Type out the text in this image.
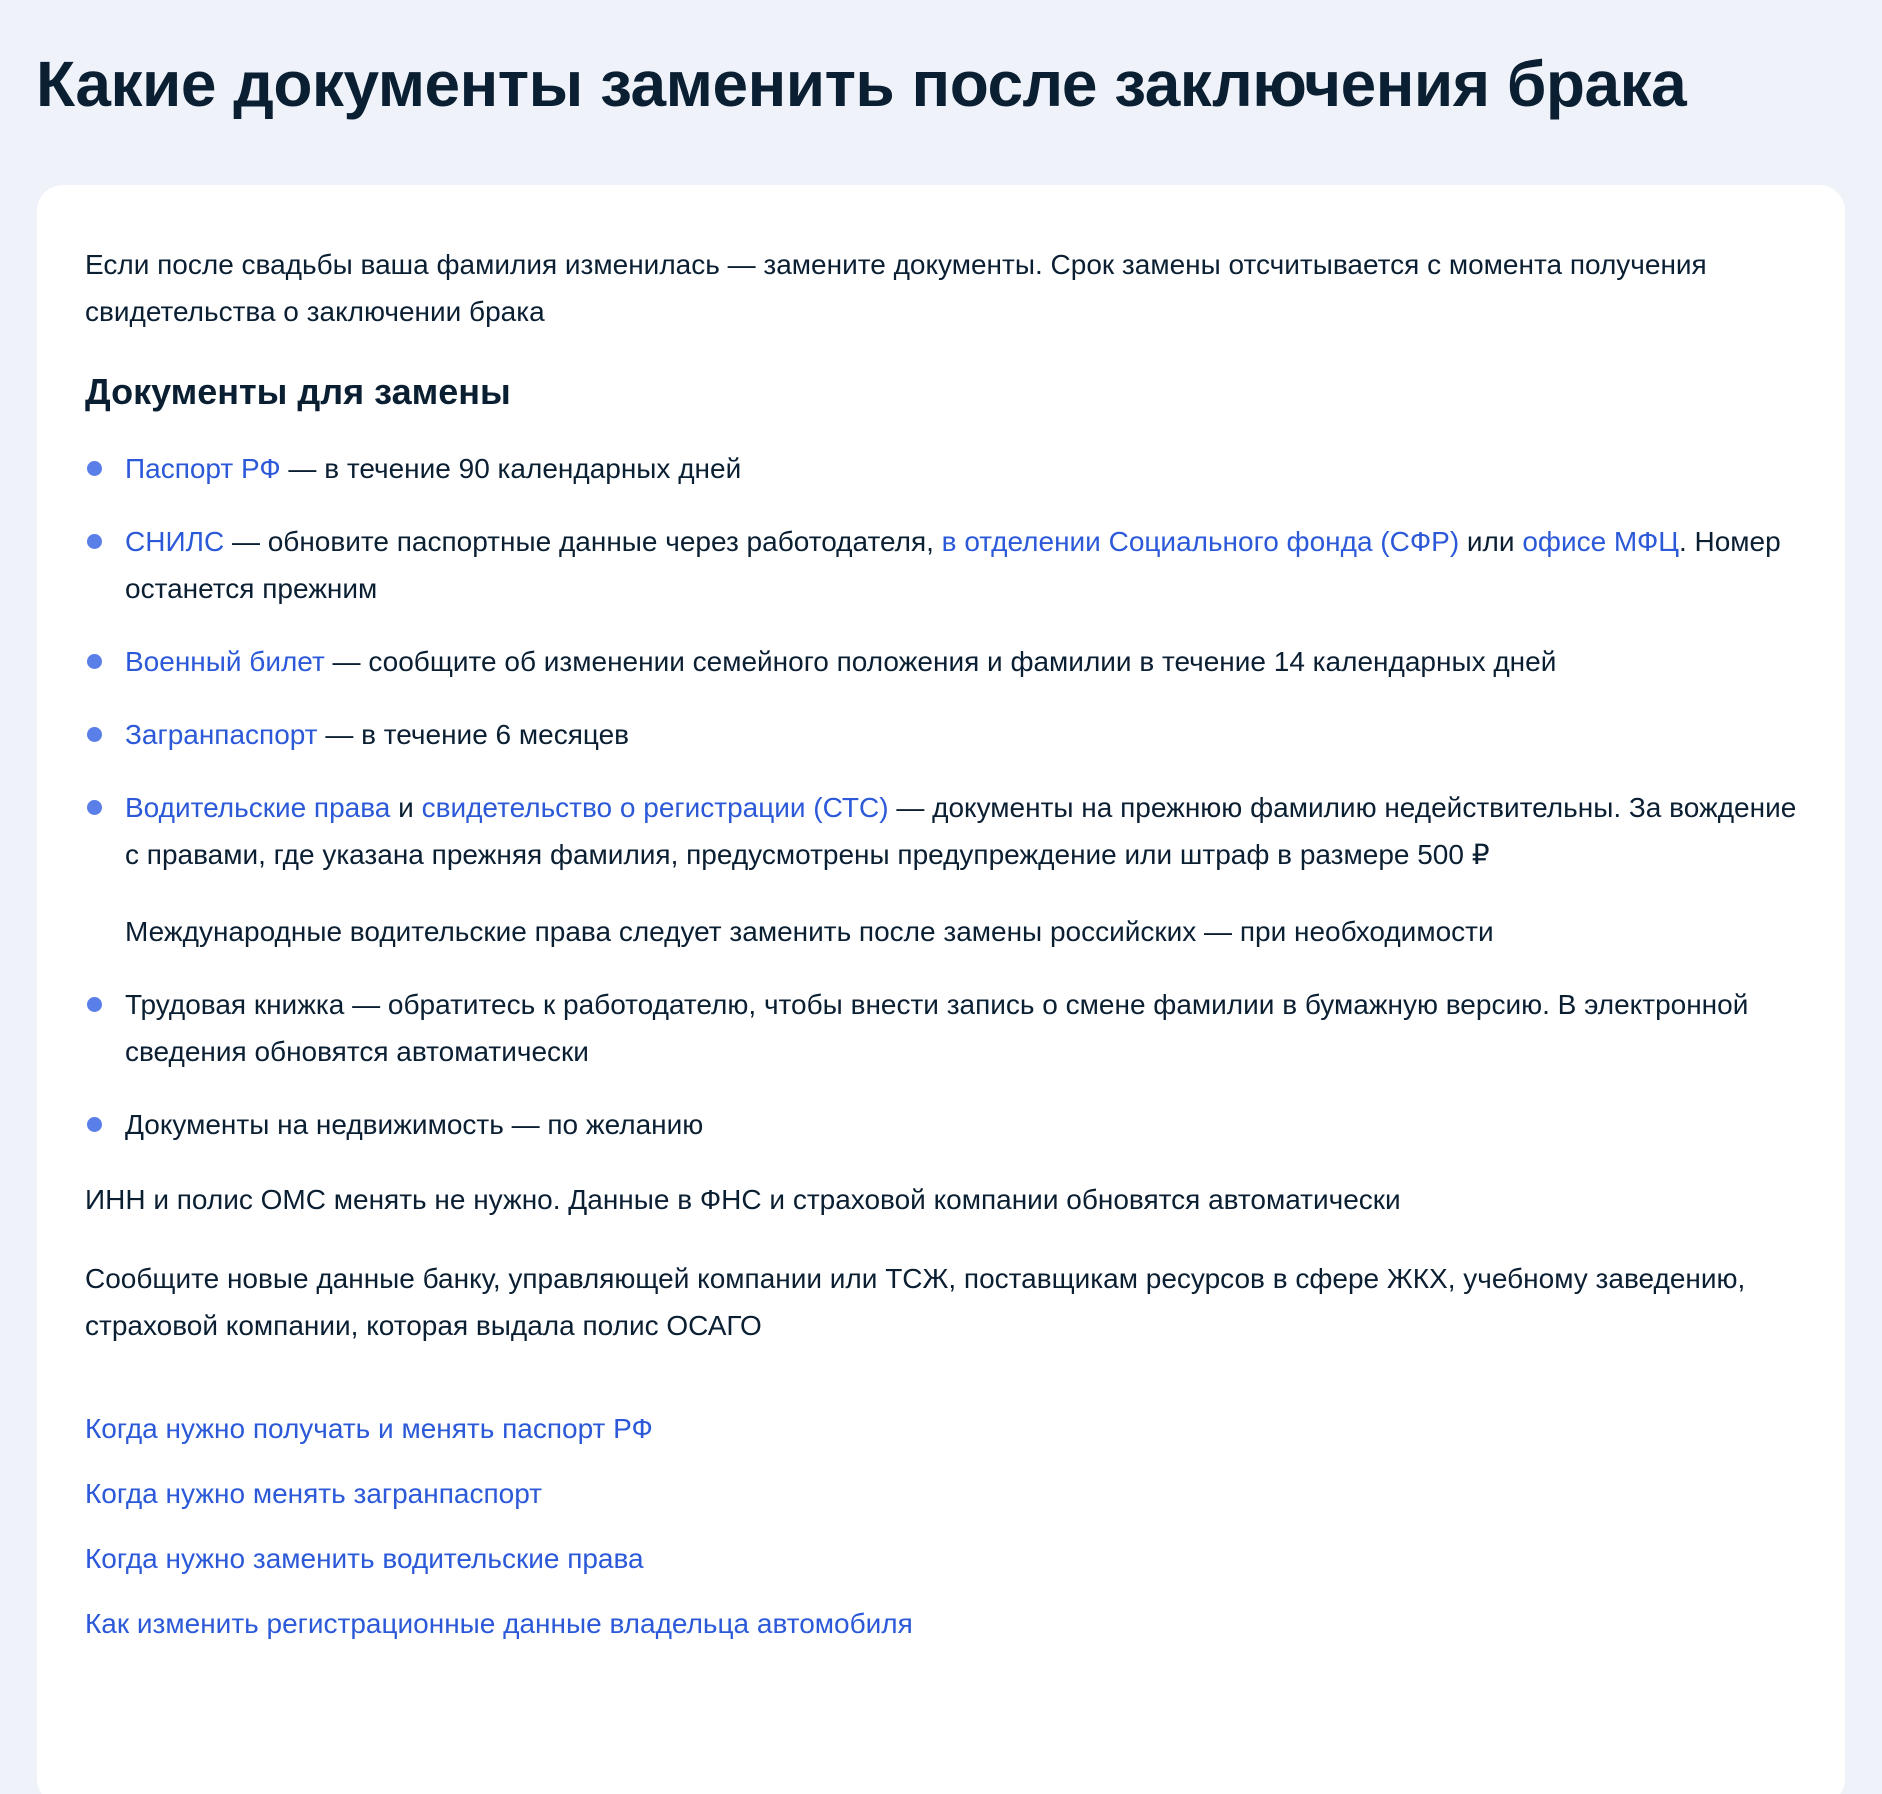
Какие документы заменить после заключения брака

Если после свадьбы ваша фамилия изменилась — замените документы. Срок замены отсчитывается с момента получения свидетельства о заключении брака

Документы для замены
Паспорт РФ — в течение 90 календарных дней
СНИЛС — обновите паспортные данные через работодателя, в отделении Социального фонда (СФР) или офисе МФЦ. Номер останется прежним
Военный билет — сообщите об изменении семейного положения и фамилии в течение 14 календарных дней
Загранпаспорт — в течение 6 месяцев
Водительские права и свидетельство о регистрации (СТС) — документы на прежнюю фамилию недействительны. За вождение с правами, где указана прежняя фамилия, предусмотрены предупреждение или штраф в размере 500 ₽
Международные водительские права следует заменить после замены российских — при необходимости
Трудовая книжка — обратитесь к работодателю, чтобы внести запись о смене фамилии в бумажную версию. В электронной сведения обновятся автоматически
Документы на недвижимость — по желанию

ИНН и полис ОМС менять не нужно. Данные в ФНС и страховой компании обновятся автоматически

Сообщите новые данные банку, управляющей компании или ТСЖ, поставщикам ресурсов в сфере ЖКХ, учебному заведению, страховой компании, которая выдала полис ОСАГО

Когда нужно получать и менять паспорт РФ

Когда нужно менять загранпаспорт

Когда нужно заменить водительские права

Как изменить регистрационные данные владельца автомобиля
